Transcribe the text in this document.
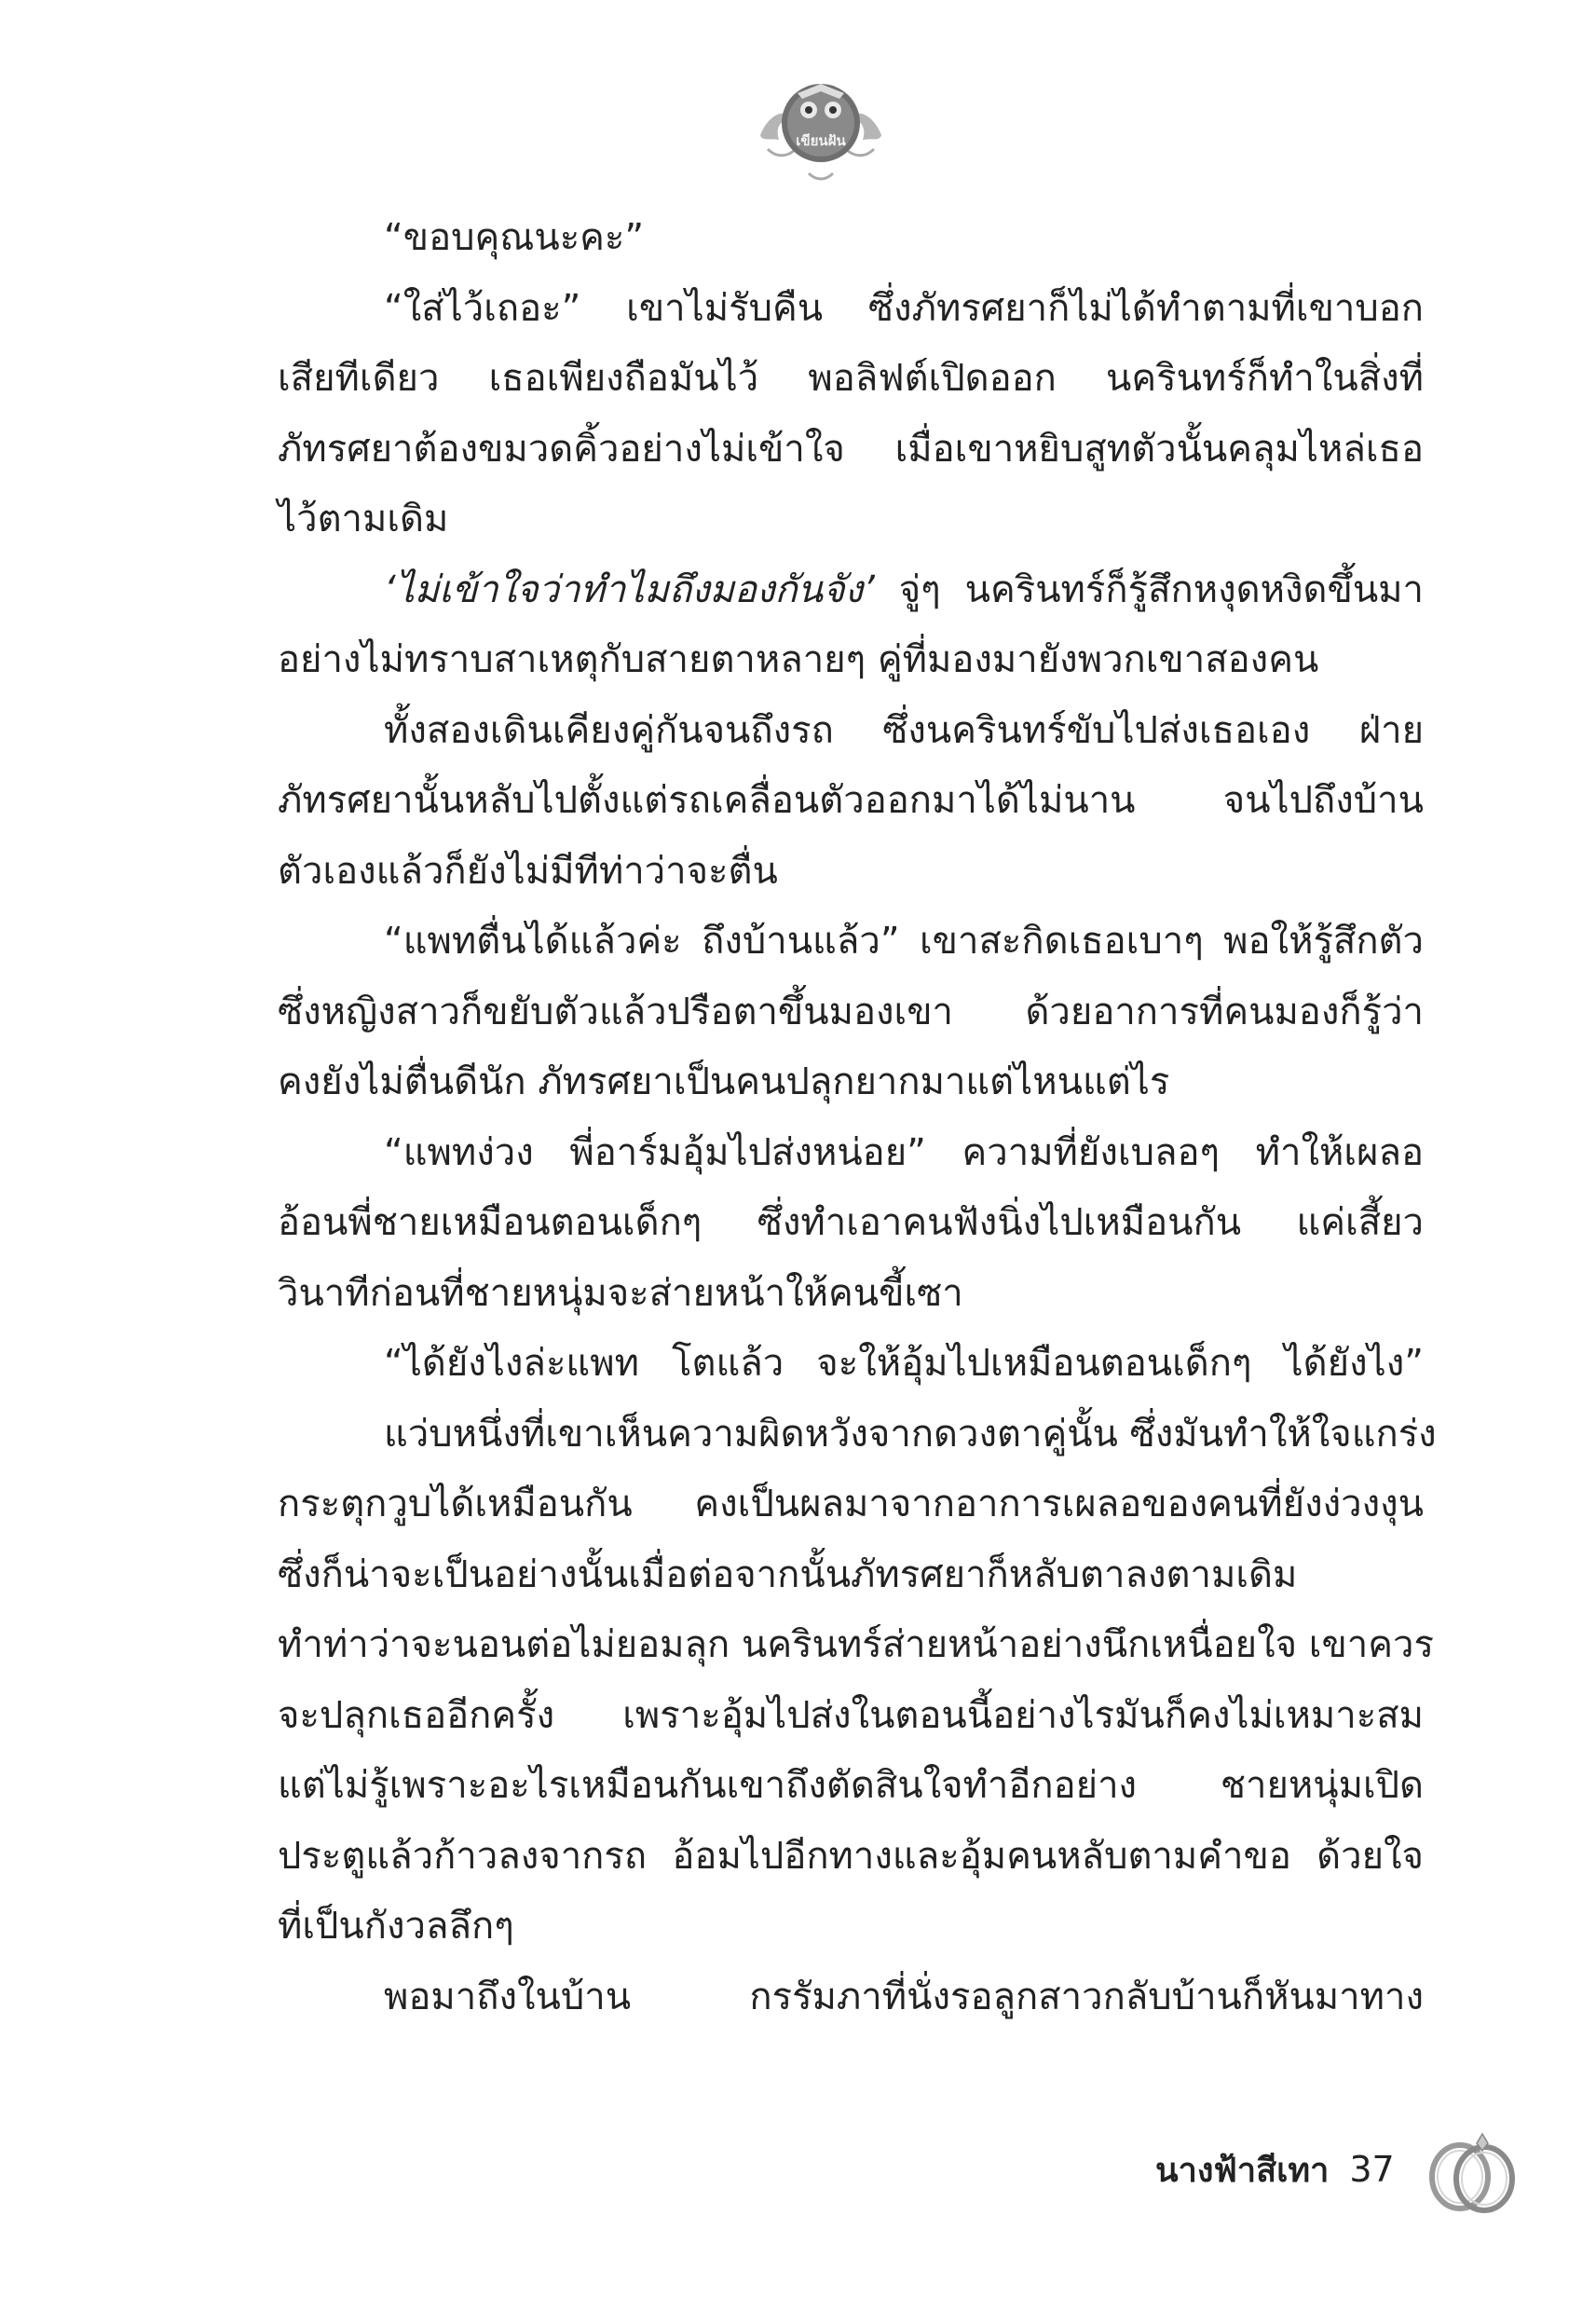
เขียนฝัน
“ขอบคุณนะคะ”
“ใส่ไว้เถอะ” เขาไม่รับคืน ซึ่งภัทรศยาก็ไม่ได้ทำตามที่เขาบอก
เสียทีเดียว เธอเพียงถือมันไว้ พอลิฟต์เปิดออก นครินทร์ก็ทำในสิ่งที่
ภัทรศยาต้องขมวดคิ้วอย่างไม่เข้าใจ เมื่อเขาหยิบสูทตัวนั้นคลุมไหล่เธอ
ไว้ตามเดิม
‘ไม่เข้าใจว่าทำไมถึงมองกันจัง’ จู่ๆ นครินทร์ก็รู้สึกหงุดหงิดขึ้นมา
อย่างไม่ทราบสาเหตุกับสายตาหลายๆ คู่ที่มองมายังพวกเขาสองคน
ทั้งสองเดินเคียงคู่กันจนถึงรถ ซึ่งนครินทร์ขับไปส่งเธอเอง ฝ่าย
ภัทรศยานั้นหลับไปตั้งแต่รถเคลื่อนตัวออกมาได้ไม่นาน จนไปถึงบ้าน
ตัวเองแล้วก็ยังไม่มีทีท่าว่าจะตื่น
“แพทตื่นได้แล้วค่ะ ถึงบ้านแล้ว” เขาสะกิดเธอเบาๆ พอให้รู้สึกตัว
ซึ่งหญิงสาวก็ขยับตัวแล้วปรือตาขึ้นมองเขา ด้วยอาการที่คนมองก็รู้ว่า
คงยังไม่ตื่นดีนัก ภัทรศยาเป็นคนปลุกยากมาแต่ไหนแต่ไร
“แพทง่วง พี่อาร์มอุ้มไปส่งหน่อย” ความที่ยังเบลอๆ ทำให้เผลอ
อ้อนพี่ชายเหมือนตอนเด็กๆ ซึ่งทำเอาคนฟังนิ่งไปเหมือนกัน แค่เสี้ยว
วินาทีก่อนที่ชายหนุ่มจะส่ายหน้าให้คนขี้เซา
“ได้ยังไงล่ะแพท โตแล้ว จะให้อุ้มไปเหมือนตอนเด็กๆ ได้ยังไง”
แว่บหนึ่งที่เขาเห็นความผิดหวังจากดวงตาคู่นั้น ซึ่งมันทำให้ใจแกร่ง
กระตุกวูบได้เหมือนกัน คงเป็นผลมาจากอาการเผลอของคนที่ยังง่วงงุน
ซึ่งก็น่าจะเป็นอย่างนั้นเมื่อต่อจากนั้นภัทรศยาก็หลับตาลงตามเดิม
ทำท่าว่าจะนอนต่อไม่ยอมลุก นครินทร์ส่ายหน้าอย่างนึกเหนื่อยใจ เขาควร
จะปลุกเธออีกครั้ง เพราะอุ้มไปส่งในตอนนี้อย่างไรมันก็คงไม่เหมาะสม
แต่ไม่รู้เพราะอะไรเหมือนกันเขาถึงตัดสินใจทำอีกอย่าง ชายหนุ่มเปิด
ประตูแล้วก้าวลงจากรถ อ้อมไปอีกทางและอุ้มคนหลับตามคำขอ ด้วยใจ
ที่เป็นกังวลลึกๆ
พอมาถึงในบ้าน กรรัมภาที่นั่งรอลูกสาวกลับบ้านก็หันมาทาง
นางฟ้าสีเทา 37
